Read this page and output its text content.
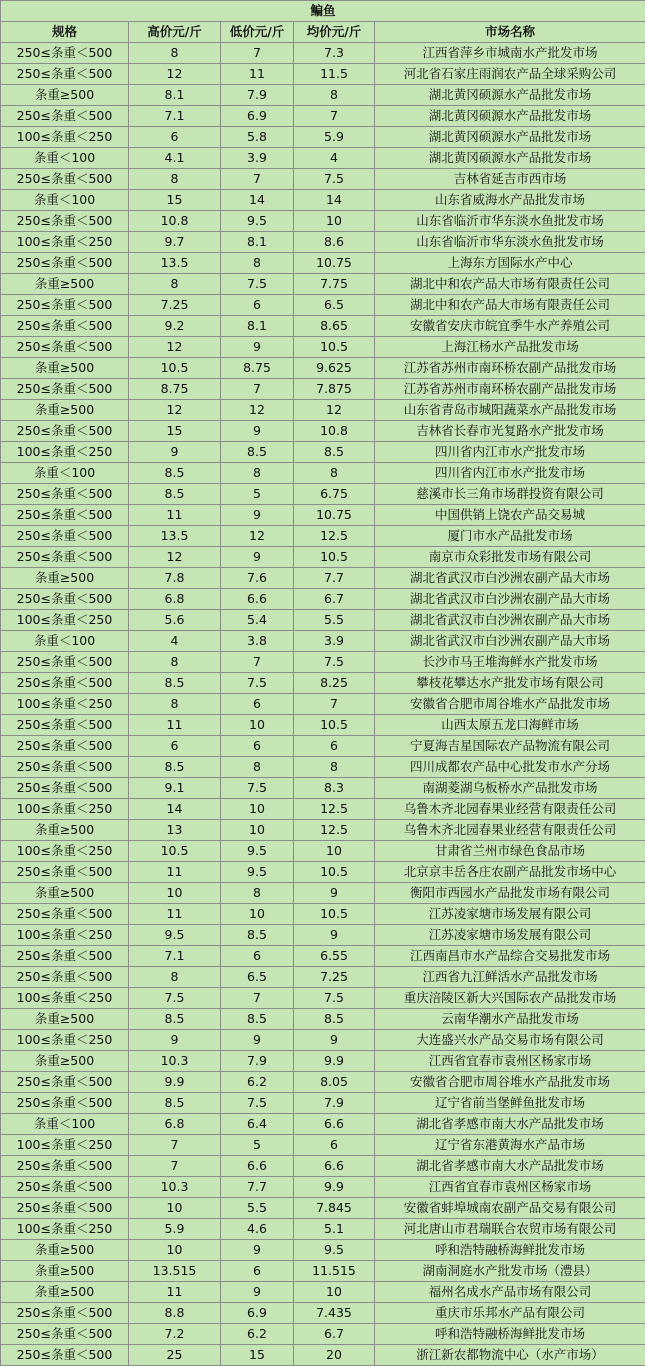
鳊鱼				
规格	高价元/斤	低价元/斤	均价元/斤	市场名称
250≤条重＜500	8	7	7.3	江西省萍乡市城南水产批发市场
250≤条重＜500	12	11	11.5	河北省石家庄雨润农产品全球采购公司
条重≥500	8.1	7.9	8	湖北黄冈硕源水产品批发市场
250≤条重＜500	7.1	6.9	7	湖北黄冈硕源水产品批发市场
100≤条重＜250	6	5.8	5.9	湖北黄冈硕源水产品批发市场
条重＜100	4.1	3.9	4	湖北黄冈硕源水产品批发市场
250≤条重＜500	8	7	7.5	吉林省延吉市西市场
条重＜100	15	14	14	山东省威海水产品批发市场
250≤条重＜500	10.8	9.5	10	山东省临沂市华东淡水鱼批发市场
100≤条重＜250	9.7	8.1	8.6	山东省临沂市华东淡水鱼批发市场
250≤条重＜500	13.5	8	10.75	上海东方国际水产中心
条重≥500	8	7.5	7.75	湖北中和农产品大市场有限责任公司
250≤条重＜500	7.25	6	6.5	湖北中和农产品大市场有限责任公司
250≤条重＜500	9.2	8.1	8.65	安徽省安庆市皖宜季牛水产养殖公司
250≤条重＜500	12	9	10.5	上海江杨水产品批发市场
条重≥500	10.5	8.75	9.625	江苏省苏州市南环桥农副产品批发市场
250≤条重＜500	8.75	7	7.875	江苏省苏州市南环桥农副产品批发市场
条重≥500	12	12	12	山东省青岛市城阳蔬菜水产品批发市场
250≤条重＜500	15	9	10.8	吉林省长春市光复路水产批发市场
100≤条重＜250	9	8.5	8.5	四川省内江市水产批发市场
条重＜100	8.5	8	8	四川省内江市水产批发市场
250≤条重＜500	8.5	5	6.75	慈溪市长三角市场群投资有限公司
250≤条重＜500	11	9	10.75	中国供销上饶农产品交易城
250≤条重＜500	13.5	12	12.5	厦门市水产品批发市场
250≤条重＜500	12	9	10.5	南京市众彩批发市场有限公司
条重≥500	7.8	7.6	7.7	湖北省武汉市白沙洲农副产品大市场
250≤条重＜500	6.8	6.6	6.7	湖北省武汉市白沙洲农副产品大市场
100≤条重＜250	5.6	5.4	5.5	湖北省武汉市白沙洲农副产品大市场
条重＜100	4	3.8	3.9	湖北省武汉市白沙洲农副产品大市场
250≤条重＜500	8	7	7.5	长沙市马王堆海鲜水产批发市场
250≤条重＜500	8.5	7.5	8.25	攀枝花攀达水产批发市场有限公司
100≤条重＜250	8	6	7	安徽省合肥市周谷堆水产品批发市场
250≤条重＜500	11	10	10.5	山西太原五龙口海鲜市场
250≤条重＜500	6	6	6	宁夏海吉星国际农产品物流有限公司
250≤条重＜500	8.5	8	8	四川成都农产品中心批发市水产分场
250≤条重＜500	9.1	7.5	8.3	南湖菱湖乌板桥水产品批发市场
100≤条重＜250	14	10	12.5	乌鲁木齐北园春果业经营有限责任公司
条重≥500	13	10	12.5	乌鲁木齐北园春果业经营有限责任公司
100≤条重＜250	10.5	9.5	10	甘肃省兰州市绿色食品市场
250≤条重＜500	11	9.5	10.5	北京京丰岳各庄农副产品批发市场中心
条重≥500	10	8	9	衡阳市西园水产品批发市场有限公司
250≤条重＜500	11	10	10.5	江苏凌家塘市场发展有限公司
100≤条重＜250	9.5	8.5	9	江苏凌家塘市场发展有限公司
250≤条重＜500	7.1	6	6.55	江西南昌市水产品综合交易批发市场
250≤条重＜500	8	6.5	7.25	江西省九江鲜活水产品批发市场
100≤条重＜250	7.5	7	7.5	重庆涪陵区新大兴国际农产品批发市场
条重≥500	8.5	8.5	8.5	云南华潮水产品批发市场
100≤条重＜250	9	9	9	大连盛兴水产品交易市场有限公司
条重≥500	10.3	7.9	9.9	江西省宜春市袁州区杨家市场
250≤条重＜500	9.9	6.2	8.05	安徽省合肥市周谷堆水产品批发市场
250≤条重＜500	8.5	7.5	7.9	辽宁省前当堡鲜鱼批发市场
条重＜100	6.8	6.4	6.6	湖北省孝感市南大水产品批发市场
100≤条重＜250	7	5	6	辽宁省东港黄海水产品市场
250≤条重＜500	7	6.6	6.6	湖北省孝感市南大水产品批发市场
250≤条重＜500	10.3	7.7	9.9	江西省宜春市袁州区杨家市场
250≤条重＜500	10	5.5	7.845	安徽省蚌埠城南农副产品交易有限公司
100≤条重＜250	5.9	4.6	5.1	河北唐山市君瑞联合农贸市场有限公司
条重≥500	10	9	9.5	呼和浩特融桥海鲜批发市场
条重≥500	13.515	6	11.515	湖南洞庭水产批发市场（澧县）
条重≥500	11	9	10	福州名成水产品市场有限公司
250≤条重＜500	8.8	6.9	7.435	重庆市乐邦水产品有限公司
250≤条重＜500	7.2	6.2	6.7	呼和浩特融桥海鲜批发市场
250≤条重＜500	25	15	20	浙江新农都物流中心（水产市场）
